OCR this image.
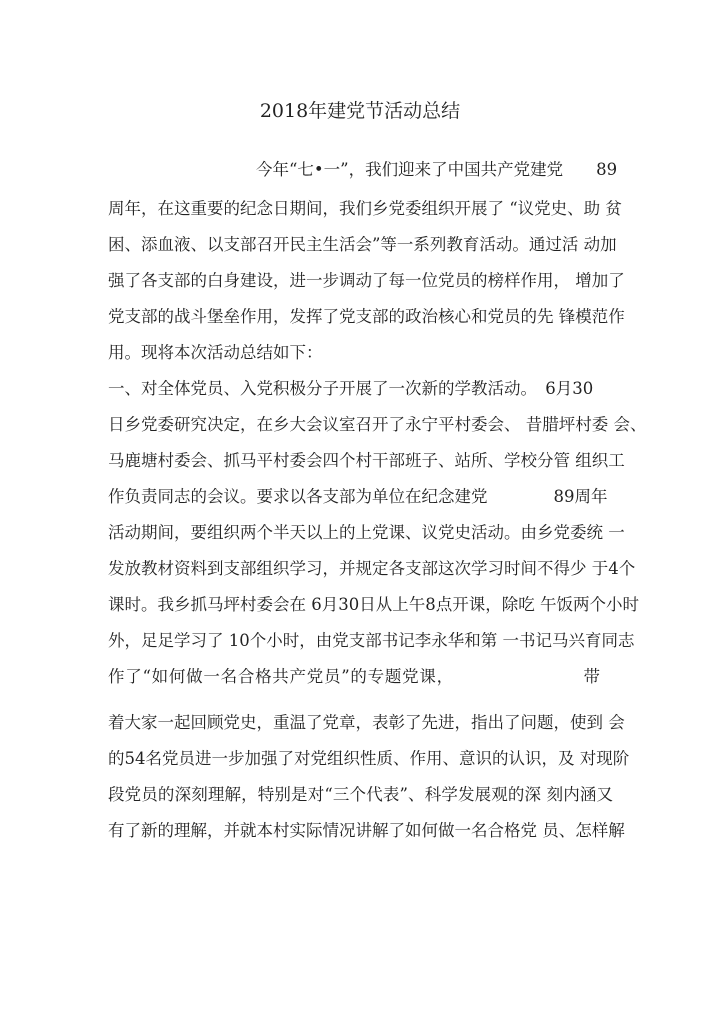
2018年建党节活动总结
今年“七•一”，我们迎来了中国共产党建党　　89
周年，在这重要的纪念日期间，我们乡党委组织开展了 “议党史、助 贫
困、添血液、以支部召开民主生活会”等一系列教育活动。通过活 动加
强了各支部的白身建设，进一步调动了每一位党员的榜样作用， 增加了
党支部的战斗堡垒作用，发挥了党支部的政治核心和党员的先 锋模范作
用。现将本次活动总结如下：
一、对全体党员、入党积极分子开展了一次新的学教活动。　6月30
日乡党委研究决定，在乡大会议室召开了永宁平村委会、 昔腊坪村委 会、
马鹿塘村委会、抓马平村委会四个村干部班子、站所、学校分管 组织工
作负责同志的会议。要求以各支部为单位在纪念建党　　　　89周年
活动期间，要组织两个半天以上的上党课、议党史活动。由乡党委统 一
发放教材资料到支部组织学习，并规定各支部这次学习时间不得少 于4个
课时。我乡抓马坪村委会在 6月30日从上午8点开课，除吃 午饭两个小时
外，足足学习了 10个小时，由党支部书记李永华和第 一书记马兴育同志
作了“如何做一名合格共产党员”的专题党课，　　　　　　　　带
着大家一起回顾党史，重温了党章，表彰了先进，指出了问题，使到 会
的54名党员进一步加强了对党组织性质、作用、意识的认识，及 对现阶
段党员的深刻理解，特别是对“三个代表”、科学发展观的深 刻内涵又
有了新的理解，并就本村实际情况讲解了如何做一名合格党 员、怎样解
